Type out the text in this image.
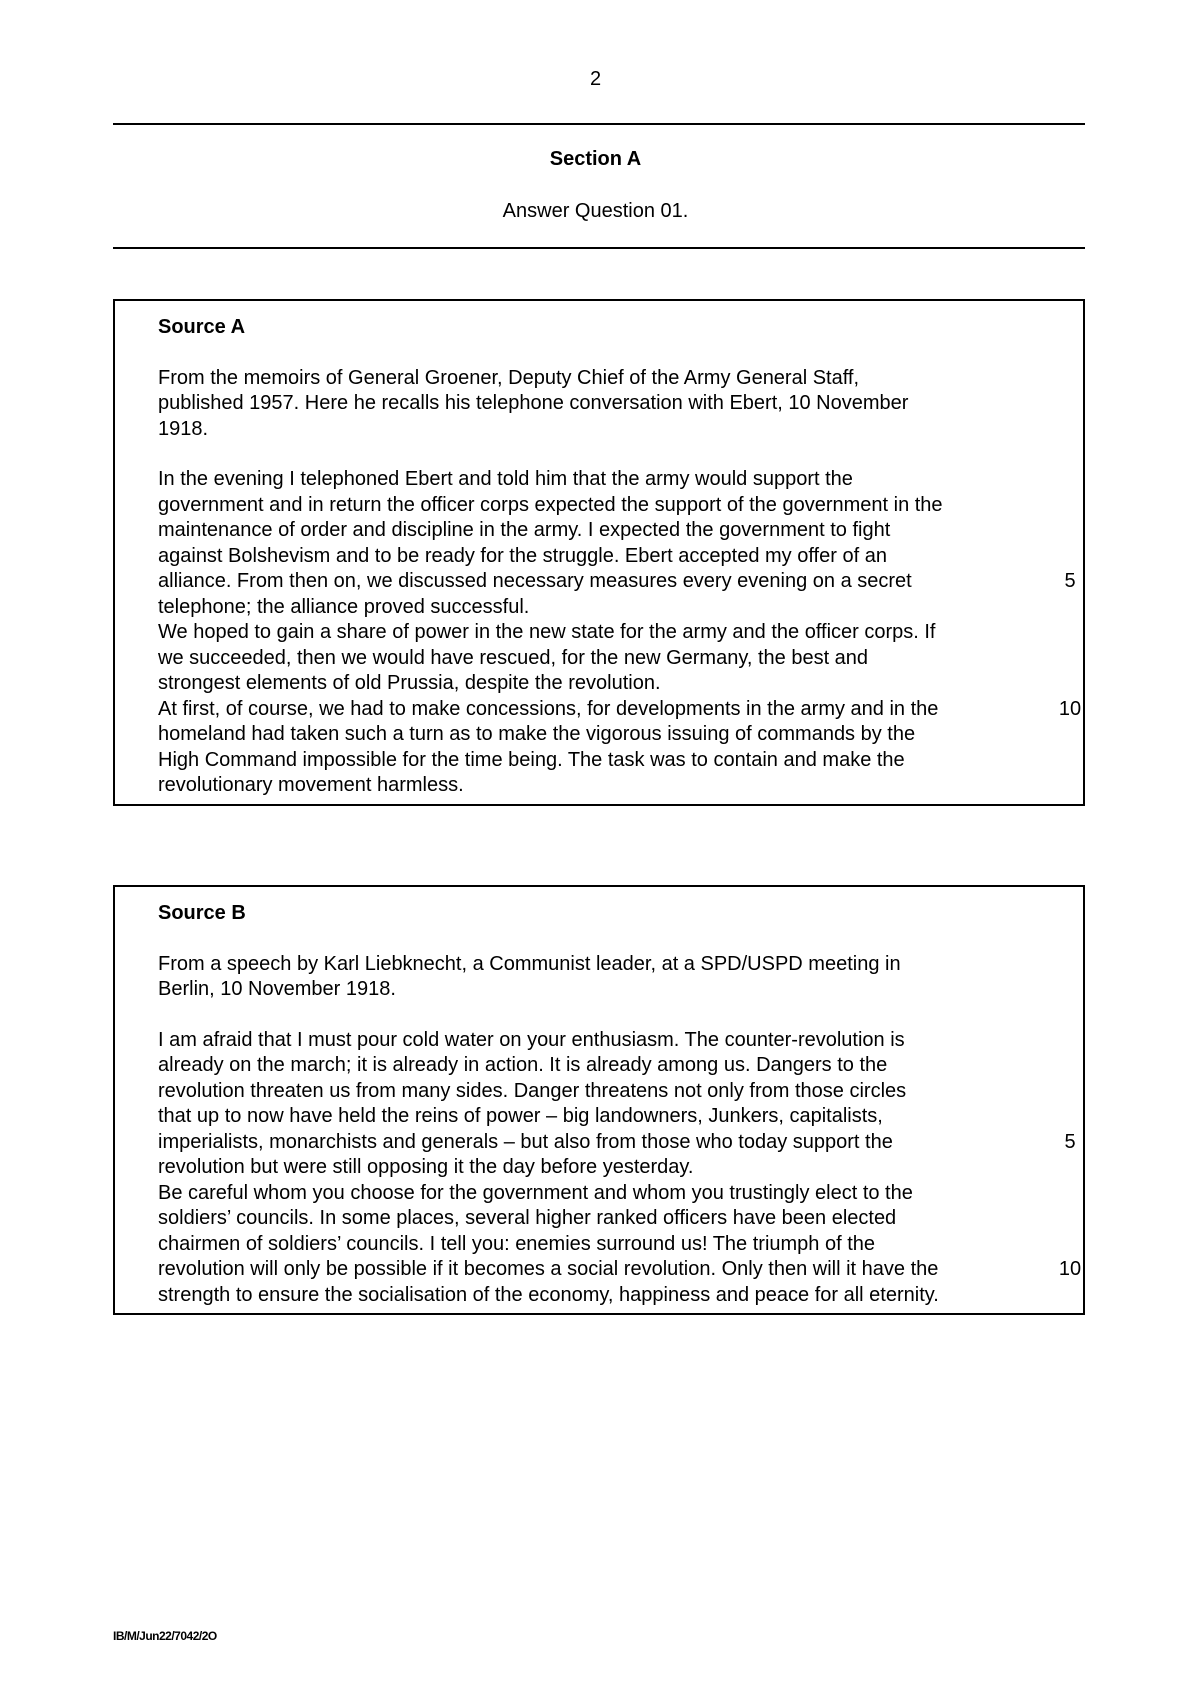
2
Section A
Answer Question 01.

Source A

From the memoirs of General Groener, Deputy Chief of the Army General Staff,
published 1957. Here he recalls his telephone conversation with Ebert, 10 November
1918.

In the evening I telephoned Ebert and told him that the army would support the
government and in return the officer corps expected the support of the government in the
maintenance of order and discipline in the army. I expected the government to fight
against Bolshevism and to be ready for the struggle. Ebert accepted my offer of an
alliance. From then on, we discussed necessary measures every evening on a secret	5
telephone; the alliance proved successful.
We hoped to gain a share of power in the new state for the army and the officer corps. If
we succeeded, then we would have rescued, for the new Germany, the best and
strongest elements of old Prussia, despite the revolution.
At first, of course, we had to make concessions, for developments in the army and in the	10
homeland had taken such a turn as to make the vigorous issuing of commands by the
High Command impossible for the time being. The task was to contain and make the
revolutionary movement harmless.

Source B

From a speech by Karl Liebknecht, a Communist leader, at a SPD/USPD meeting in
Berlin, 10 November 1918.

I am afraid that I must pour cold water on your enthusiasm. The counter-revolution is
already on the march; it is already in action. It is already among us. Dangers to the
revolution threaten us from many sides. Danger threatens not only from those circles
that up to now have held the reins of power – big landowners, Junkers, capitalists,
imperialists, monarchists and generals – but also from those who today support the	5
revolution but were still opposing it the day before yesterday.
Be careful whom you choose for the government and whom you trustingly elect to the
soldiers’ councils. In some places, several higher ranked officers have been elected
chairmen of soldiers’ councils. I tell you: enemies surround us! The triumph of the
revolution will only be possible if it becomes a social revolution. Only then will it have the	10
strength to ensure the socialisation of the economy, happiness and peace for all eternity.

IB/M/Jun22/7042/2O
